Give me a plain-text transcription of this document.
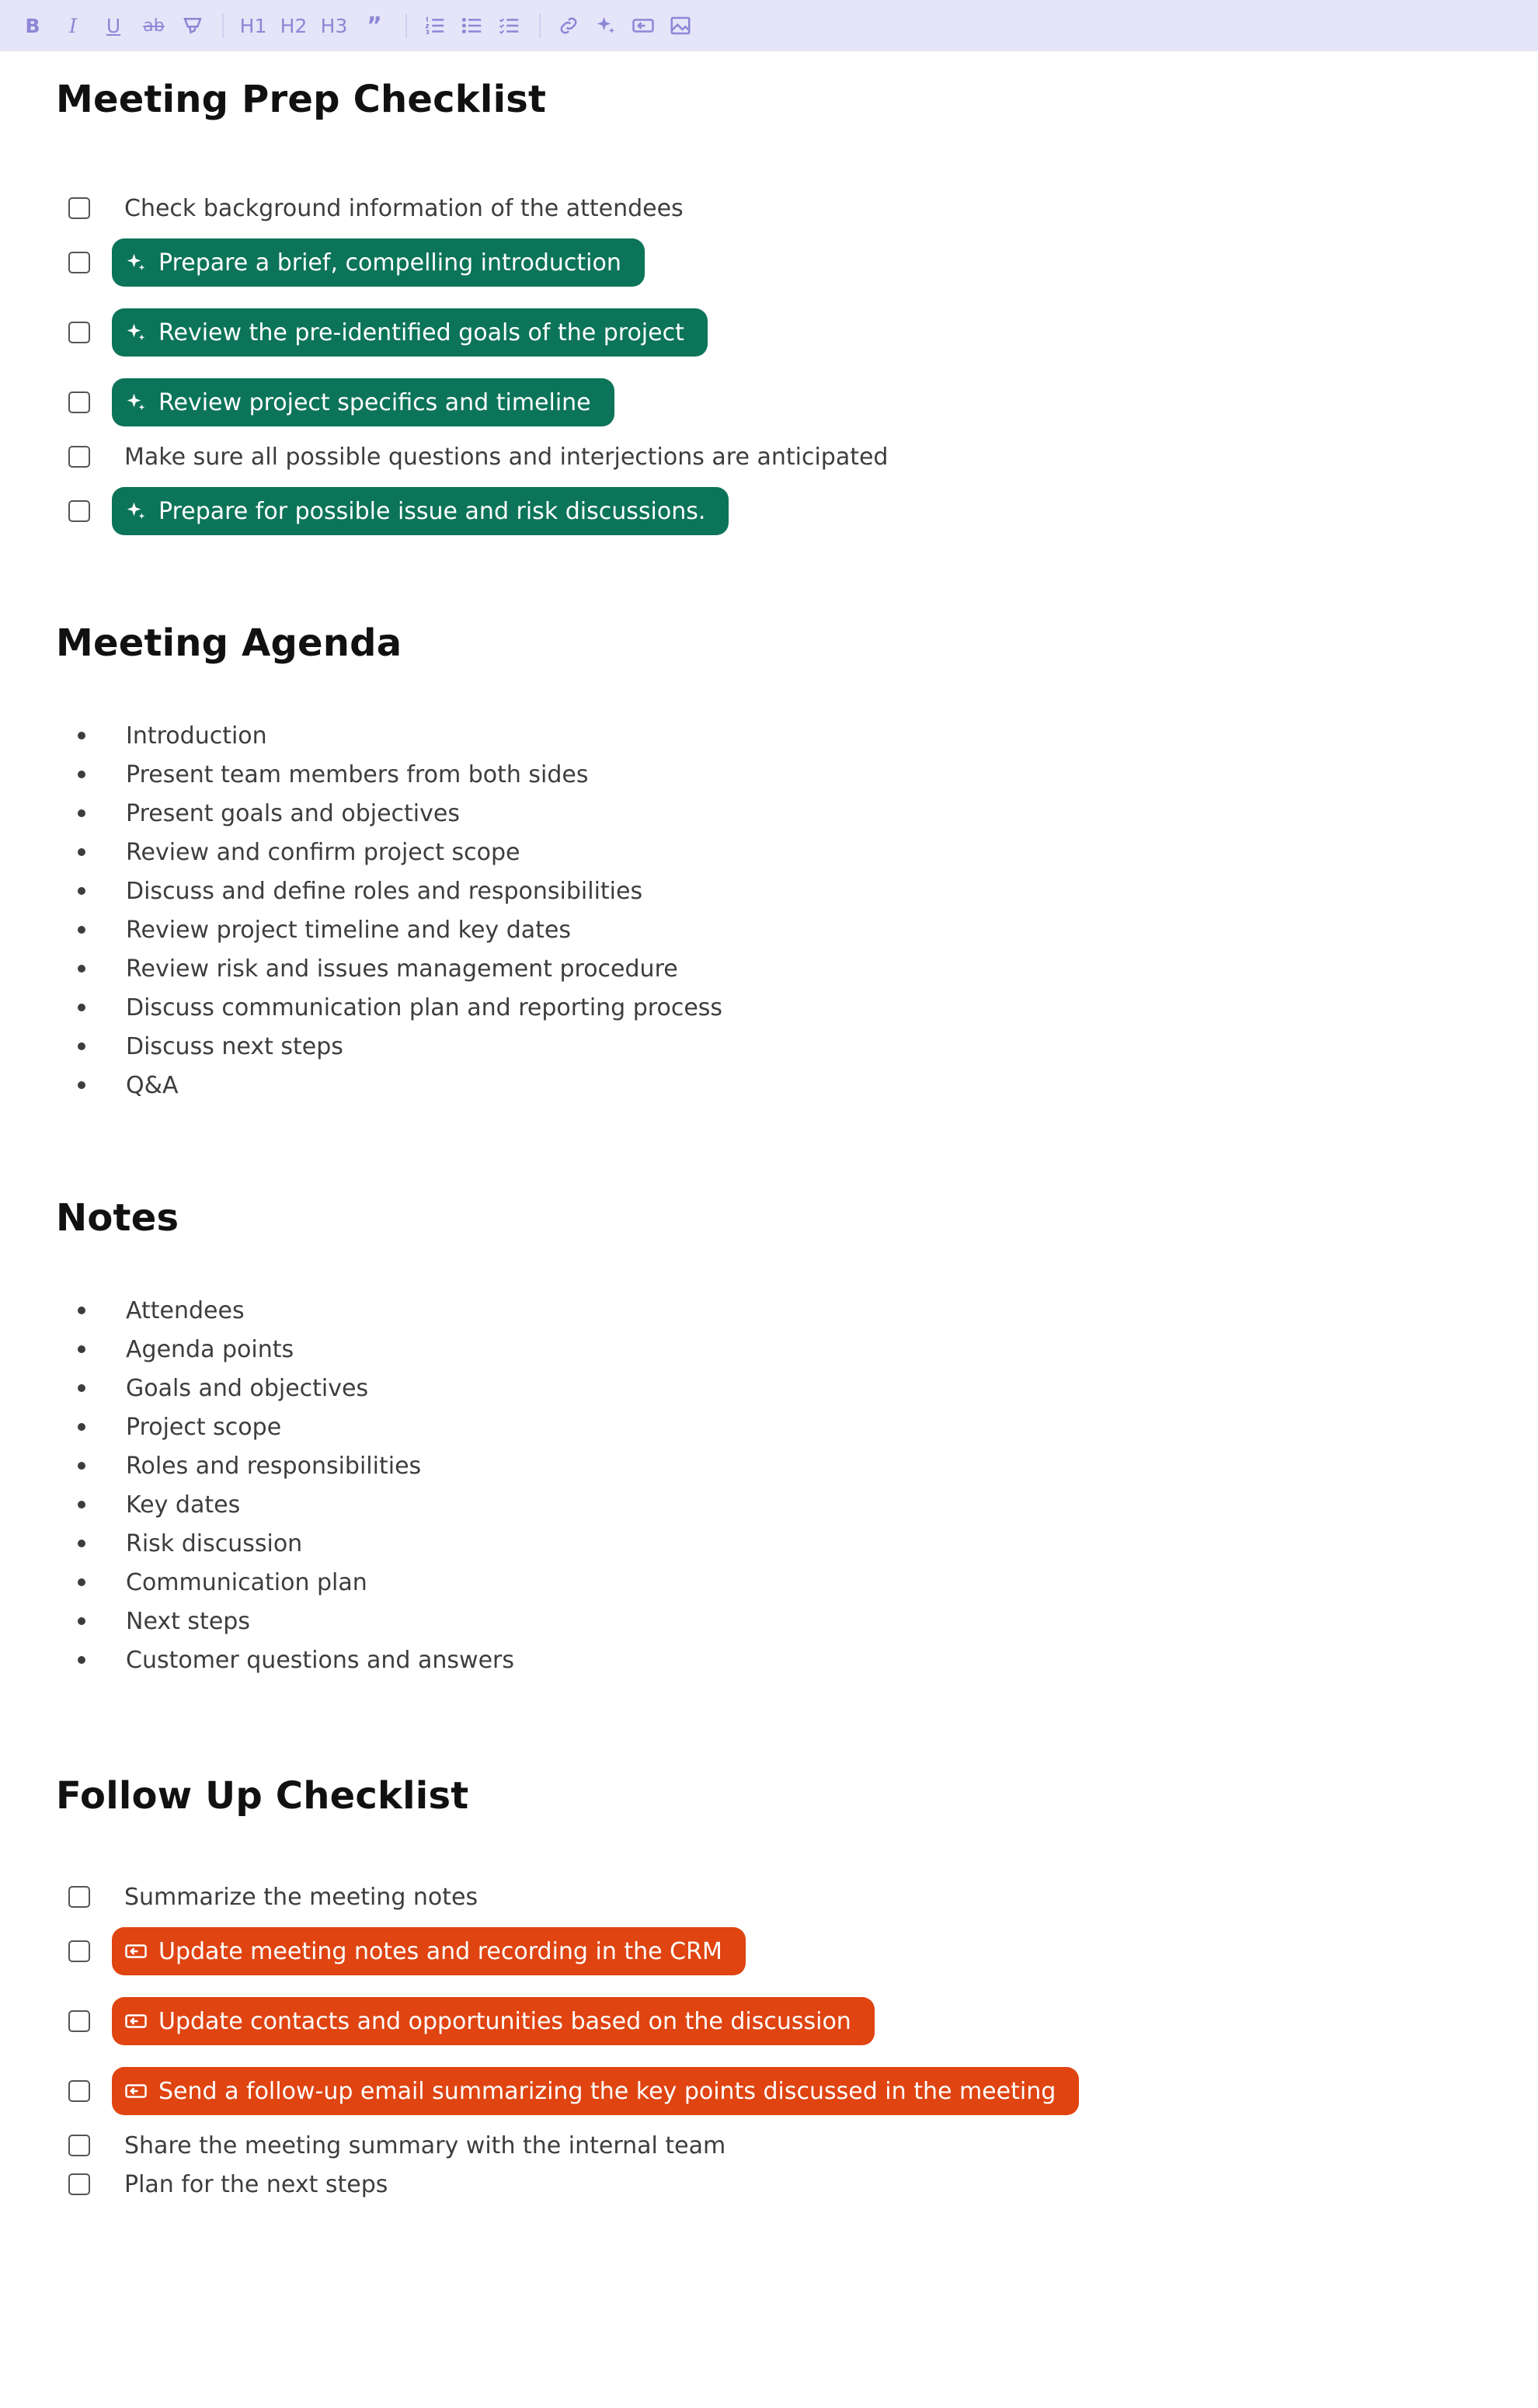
B	I	U	ab	H1 H2 H3 ”
Meeting Prep Checklist
Check background information of the attendees
Prepare a brief, compelling introduction
Review the pre-identified goals of the project
Review project specifics and timeline
Make sure all possible questions and interjections are anticipated
Prepare for possible issue and risk discussions.
Meeting Agenda
Introduction
Present team members from both sides
Present goals and objectives
Review and confirm project scope
Discuss and define roles and responsibilities
Review project timeline and key dates
Review risk and issues management procedure
Discuss communication plan and reporting process
Discuss next steps
Q&A
Notes
Attendees
Agenda points
Goals and objectives
Project scope
Roles and responsibilities
Key dates
Risk discussion
Communication plan
Next steps
Customer questions and answers
Follow Up Checklist
Summarize the meeting notes
Update meeting notes and recording in the CRM
Update contacts and opportunities based on the discussion
Send a follow-up email summarizing the key points discussed in the meeting
Share the meeting summary with the internal team
Plan for the next steps
